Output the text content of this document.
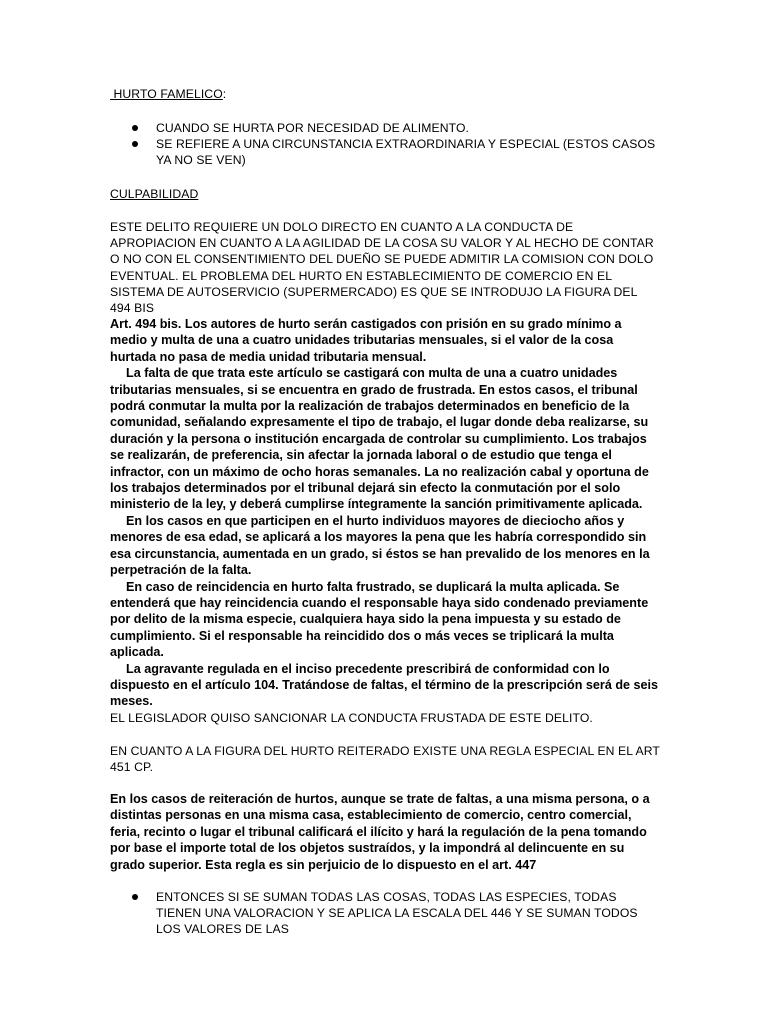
HURTO FAMELICO:

CUANDO SE HURTA POR NECESIDAD DE ALIMENTO.
SE REFIERE A UNA CIRCUNSTANCIA EXTRAORDINARIA Y ESPECIAL (ESTOS CASOS YA NO SE VEN)

CULPABILIDAD

ESTE DELITO REQUIERE UN DOLO DIRECTO EN CUANTO A LA CONDUCTA DE APROPIACION EN CUANTO A LA AGILIDAD DE LA COSA SU VALOR Y AL HECHO DE CONTAR O NO CON EL CONSENTIMIENTO DEL DUEÑO SE PUEDE ADMITIR LA COMISION CON DOLO EVENTUAL. EL PROBLEMA DEL HURTO EN ESTABLECIMIENTO DE COMERCIO EN EL SISTEMA DE AUTOSERVICIO (SUPERMERCADO) ES QUE SE INTRODUJO LA FIGURA DEL 494 BIS

Art. 494 bis. Los autores de hurto serán castigados con prisión en su grado mínimo a medio y multa de una a cuatro unidades tributarias mensuales, si el valor de la cosa hurtada no pasa de media unidad tributaria mensual.

La falta de que trata este artículo se castigará con multa de una a cuatro unidades tributarias mensuales, si se encuentra en grado de frustrada. En estos casos, el tribunal podrá conmutar la multa por la realización de trabajos determinados en beneficio de la comunidad, señalando expresamente el tipo de trabajo, el lugar donde deba realizarse, su duración y la persona o institución encargada de controlar su cumplimiento. Los trabajos se realizarán, de preferencia, sin afectar la jornada laboral o de estudio que tenga el infractor, con un máximo de ocho horas semanales. La no realización cabal y oportuna de los trabajos determinados por el tribunal dejará sin efecto la conmutación por el solo ministerio de la ley, y deberá cumplirse íntegramente la sanción primitivamente aplicada.

En los casos en que participen en el hurto individuos mayores de dieciocho años y menores de esa edad, se aplicará a los mayores la pena que les habría correspondido sin esa circunstancia, aumentada en un grado, si éstos se han prevalido de los menores en la perpetración de la falta.

En caso de reincidencia en hurto falta frustrado, se duplicará la multa aplicada. Se entenderá que hay reincidencia cuando el responsable haya sido condenado previamente por delito de la misma especie, cualquiera haya sido la pena impuesta y su estado de cumplimiento. Si el responsable ha reincidido dos o más veces se triplicará la multa aplicada.

La agravante regulada en el inciso precedente prescribirá de conformidad con lo dispuesto en el artículo 104. Tratándose de faltas, el término de la prescripción será de seis meses.

EL LEGISLADOR QUISO SANCIONAR LA CONDUCTA FRUSTADA DE ESTE DELITO.

EN CUANTO A LA FIGURA DEL HURTO REITERADO EXISTE UNA REGLA ESPECIAL EN EL ART 451 CP.

En los casos de reiteración de hurtos, aunque se trate de faltas, a una misma persona, o a distintas personas en una misma casa, establecimiento de comercio, centro comercial, feria, recinto o lugar el tribunal calificará el ilícito y hará la regulación de la pena tomando por base el importe total de los objetos sustraídos, y la impondrá al delincuente en su grado superior. Esta regla es sin perjuicio de lo dispuesto en el art. 447

ENTONCES SI SE SUMAN TODAS LAS COSAS, TODAS LAS ESPECIES, TODAS TIENEN UNA VALORACION Y SE APLICA LA ESCALA DEL 446 Y SE SUMAN TODOS LOS VALORES DE LAS
